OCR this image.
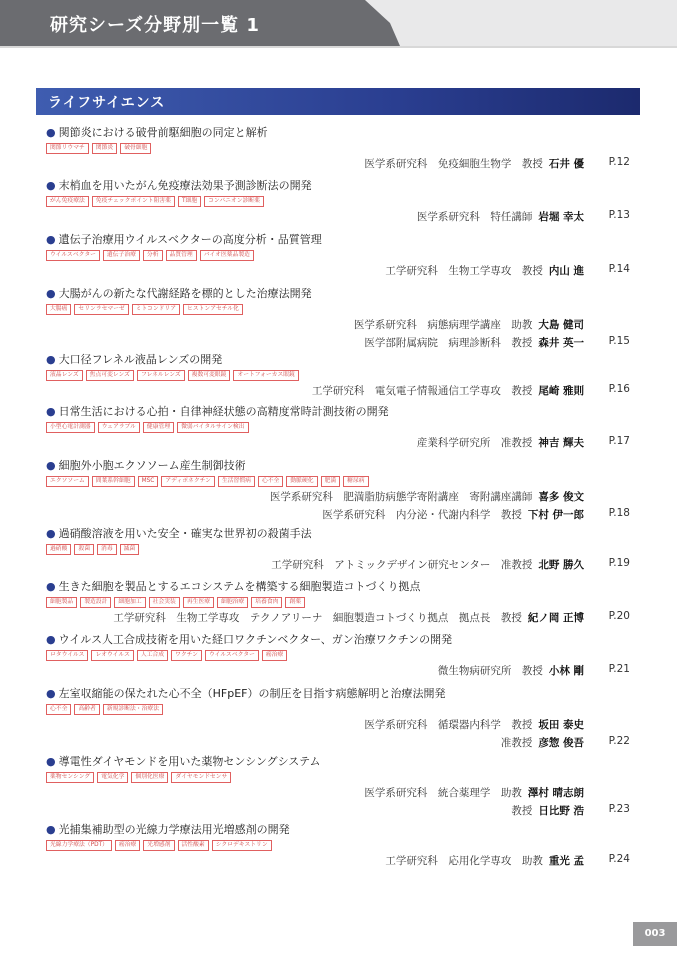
研究シーズ分野別一覧 1
ライフサイエンス
● 関節炎における破骨前駆細胞の同定と解析
関節リウマチ 関節炎 破骨細胞
医学系研究科　免疫細胞生物学　教授 石井 優 P.12
● 末梢血を用いたがん免疫療法効果予測診断法の開発
がん免疫療法 免疫チェックポイント阻害薬 T細胞 コンパニオン診断薬
医学系研究科　特任講師 岩堀 幸太 P.13
● 遺伝子治療用ウイルスベクターの高度分析・品質管理
ウイルスベクター 遺伝子治療 分析 品質管理 バイオ医薬品製造
工学研究科　生物工学専攻　教授 内山 進 P.14
● 大腸がんの新たな代謝経路を標的とした治療法開発
大腸癌 セリンラセマーゼ ミトコンドリア ヒストンアセチル化
医学系研究科　病態病理学講座　助教 大島 健司
医学部附属病院　病理診断科　教授 森井 英一 P.15
● 大口径フレネル液晶レンズの開発
液晶レンズ 焦点可変レンズ フレネルレンズ 複数可変眼鏡 オートフォーカス眼鏡
工学研究科　電気電子情報通信工学専攻　教授 尾崎 雅則 P.16
● 日常生活における心拍・自律神経状態の高精度常時計測技術の開発
小型心電計測器 ウェアラブル 健康管理 微弱バイタルサイン検出
産業科学研究所　准教授 神吉 輝夫 P.17
● 細胞外小胞エクソソーム産生制御技術
エクソソーム 間葉系幹細胞 MSC アディポネクチン 生活習慣病 心不全 動脈硬化 肥満 糖尿病
医学系研究科　肥満脂肪病態学寄附講座　寄附講座講師 喜多 俊文
医学系研究科　内分泌・代謝内科学　教授 下村 伊一郎 P.18
● 過硝酸溶液を用いた安全・確実な世界初の殺菌手法
過硝酸 殺菌 消毒 滅菌
工学研究科　アトミックデザイン研究センター　准教授 北野 勝久 P.19
● 生きた細胞を製品とするエコシステムを構築する細胞製造コトづくり拠点
細胞製品 製造設計 細胞加工 社会実装 再生医療 細胞治療 培養食肉 創薬
工学研究科　生物工学専攻　テクノアリーナ　細胞製造コトづくり拠点　拠点長　教授 紀ノ岡 正博 P.20
● ウイルス人工合成技術を用いた経口ワクチンベクター、ガン治療ワクチンの開発
ロタウイルス レオウイルス 人工合成 ワクチン ウイルスベクター 癌治療
微生物病研究所　教授 小林 剛 P.21
● 左室収縮能の保たれた心不全（HFpEF）の制圧を目指す病態解明と治療法開発
心不全 高齢者 新規診断法・治療法
医学系研究科　循環器内科学　教授 坂田 泰史
准教授 彦惣 俊吾 P.22
● 導電性ダイヤモンドを用いた薬物センシングシステム
薬物センシング 電気化学 個別化医療 ダイヤモンドセンサ
医学系研究科　統合薬理学　助教 澤村 晴志朗
教授 日比野 浩 P.23
● 光捕集補助型の光線力学療法用光増感剤の開発
光線力学療法（PDT） 癌治療 光増感剤 活性酸素 シクロデキストリン
工学研究科　応用化学専攻　助教 重光 孟 P.24
003
